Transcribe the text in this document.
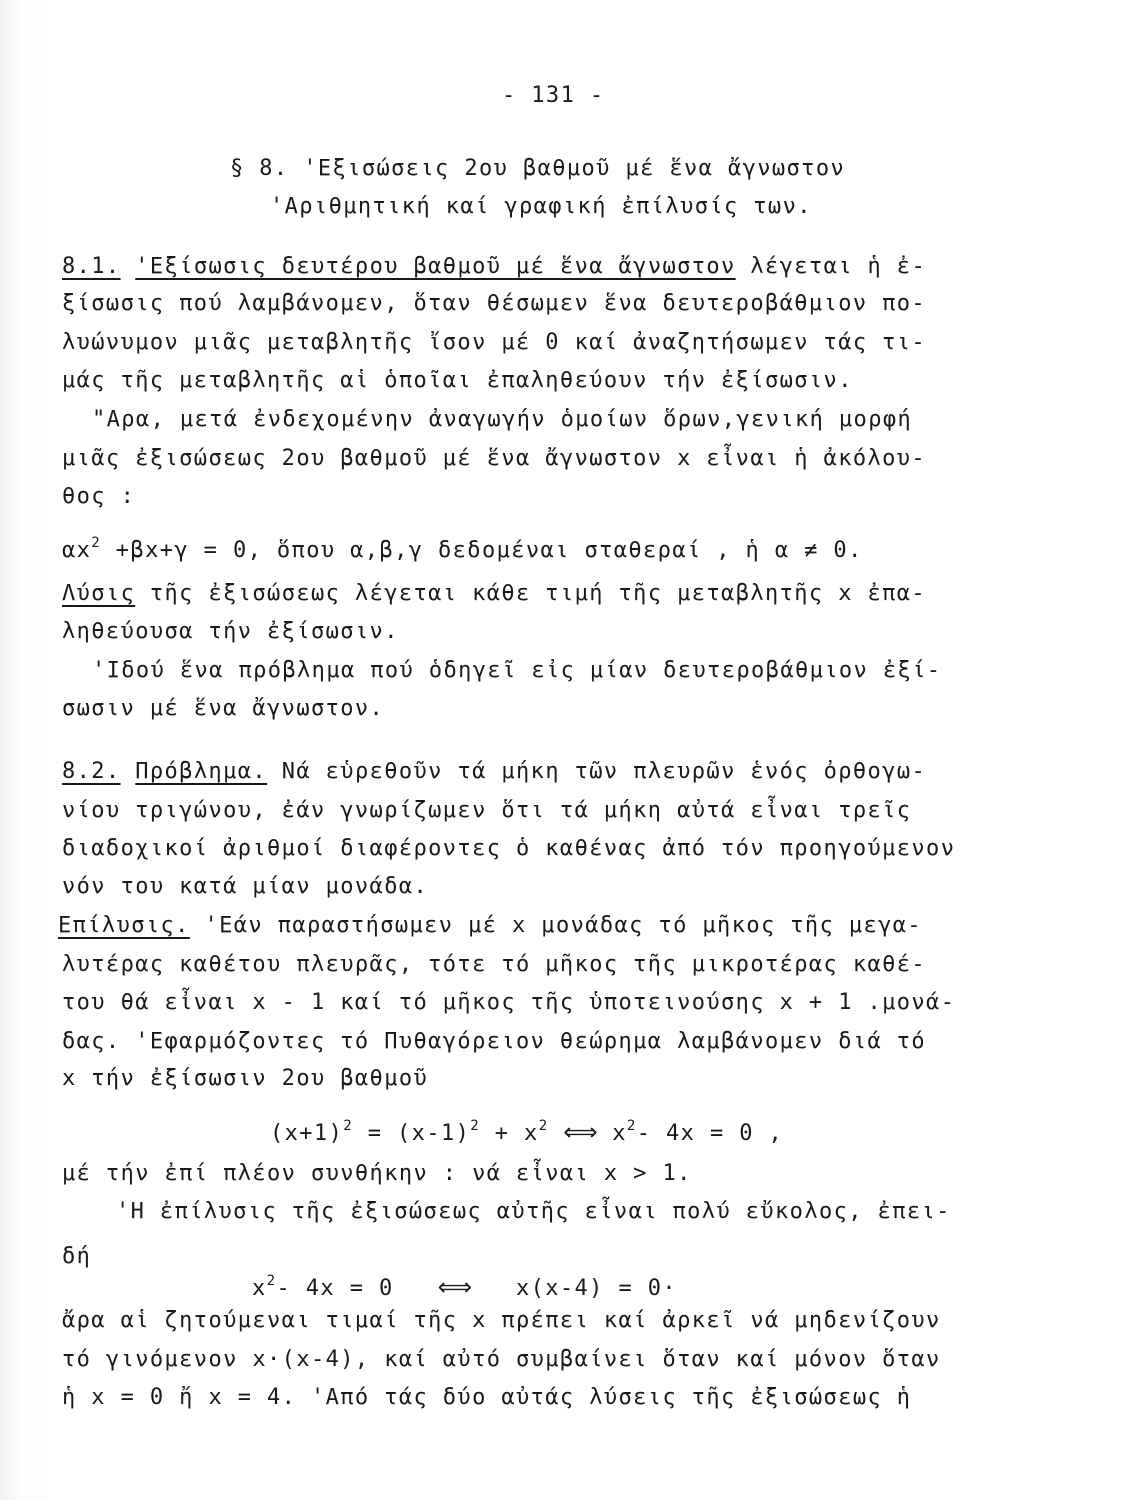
- 131 -
§ 8. 'Εξισώσεις 2ου βαθμοῦ μέ ἕνα ἄγνωστον
'Αριθμητική καί γραφική ἐπίλυσίς των.
8.1. 'Εξίσωσις δευτέρου βαθμοῦ μέ ἕνα ἄγνωστον λέγεται ἡ ἐ-
ξίσωσις πού λαμβάνομεν, ὅταν θέσωμεν ἕνα δευτεροβάθμιον πο-
λυώνυμον μιᾶς μεταβλητῆς ἴσον μέ 0 καί ἀναζητήσωμεν τάς τι-
μάς τῆς μεταβλητῆς αἱ ὁποῖαι ἐπαληθεύουν τήν ἐξίσωσιν.
"Αρα, μετά ἐνδεχομένην ἀναγωγήν ὁμοίων ὅρων,γενική μορφή
μιᾶς ἐξισώσεως 2ου βαθμοῦ μέ ἕνα ἄγνωστον x εἶναι ἡ ἀκόλου-
θος :
$\alpha x^2 +\beta x+\gamma = 0$, ὅπου α,β,γ δεδομέναι σταθεραί , ἡ α ≠ 0.
Λύσις τῆς ἐξισώσεως λέγεται κάθε τιμή τῆς μεταβλητῆς x ἐπα-
ληθεύουσα τήν ἐξίσωσιν.
'Ιδού ἕνα πρόβλημα πού ὁδηγεῖ εἰς μίαν δευτεροβάθμιον ἐξί-
σωσιν μέ ἕνα ἄγνωστον.
8.2. Πρόβλημα. Νά εὑρεθοῦν τά μήκη τῶν πλευρῶν ἑνός ὀρθογω-
νίου τριγώνου, ἐάν γνωρίζωμεν ὅτι τά μήκη αὐτά εἶναι τρεῖς
διαδοχικοί ἀριθμοί διαφέροντες ὁ καθένας ἀπό τόν προηγούμενον
νόν του κατά μίαν μονάδα.
Επίλυσις. 'Εάν παραστήσωμεν μέ x μονάδας τό μῆκος τῆς μεγα-
λυτέρας καθέτου πλευρᾶς, τότε τό μῆκος τῆς μικροτέρας καθέ-
του θά εἶναι x - 1 καί τό μῆκος τῆς ὑποτεινούσης x + 1 .μονά-
δας. 'Εφαρμόζοντες τό Πυθαγόρειον θεώρημα λαμβάνομεν διά τό
x τήν ἐξίσωσιν 2ου βαθμοῦ
$(x+1)^2 = (x-1)^2 + x^2$ ⟺ $x^2-$ 4x = 0 ,
μέ τήν ἐπί πλέον συνθήκην : νά εἶναι x > 1.
'Η ἐπίλυσις τῆς ἐξισώσεως αὐτῆς εἶναι πολύ εὔκολος, ἐπει-
δή
$x^2-$ 4x = 0 ⟺ x(x-4) = 0·
ἄρα αἱ ζητούμεναι τιμαί τῆς x πρέπει καί ἀρκεῖ νά μηδενίζουν
τό γινόμενον x·(x-4), καί αὐτό συμβαίνει ὅταν καί μόνον ὅταν
ἡ x = 0 ἤ x = 4. 'Από τάς δύο αὐτάς λύσεις τῆς ἐξισώσεως ἡ
